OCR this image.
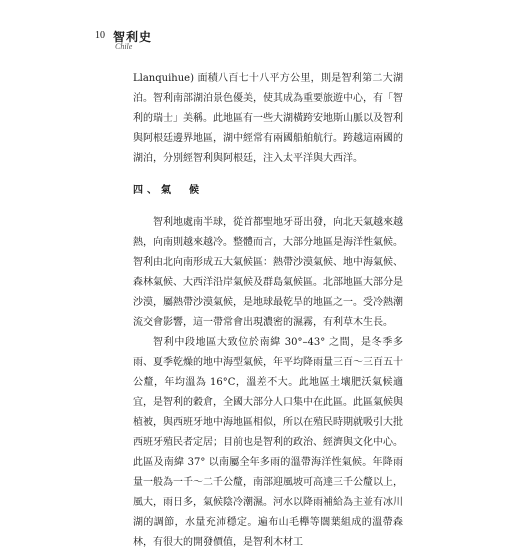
10 智利史
Chile

Llanquihue) 面積八百七十八平方公里，則是智利第二大湖泊。智利南部湖泊景色優美，使其成為重要旅遊中心，有「智利的瑞士」美稱。此地區有一些大湖橫跨安地斯山脈以及智利與阿根廷邊界地區，湖中經常有兩國船舶航行。跨越這兩國的湖泊，分別經智利與阿根廷，注入太平洋與大西洋。

四、氣　候

智利地處南半球，從首都聖地牙哥出發，向北天氣越來越熱，向南則越來越冷。整體而言，大部分地區是海洋性氣候。智利由北向南形成五大氣候區：熱帶沙漠氣候、地中海氣候、森林氣候、大西洋沿岸氣候及群島氣候區。北部地區大部分是沙漠，屬熱帶沙漠氣候，是地球最乾旱的地區之一。受冷熱潮流交會影響，這一帶常會出現濃密的濕霧，有利草木生長。

智利中段地區大致位於南緯 30°–43° 之間，是冬季多雨、夏季乾燥的地中海型氣候，年平均降雨量三百～三百五十公釐，年均溫為 16°C，溫差不大。此地區土壤肥沃氣候適宜，是智利的穀倉，全國大部分人口集中在此區。此區氣候與植被，與西班牙地中海地區相似，所以在殖民時期就吸引大批西班牙殖民者定居；目前也是智利的政治、經濟與文化中心。此區及南緯 37° 以南屬全年多雨的溫帶海洋性氣候。年降雨量一般為一千～二千公釐，南部迎風坡可高達三千公釐以上，風大，雨日多，氣候陰冷潮濕。河水以降雨補給為主並有冰川湖的調節，水量充沛穩定。遍布山毛櫸等闊葉組成的溫帶森林，有很大的開發價值，是智利木材工
